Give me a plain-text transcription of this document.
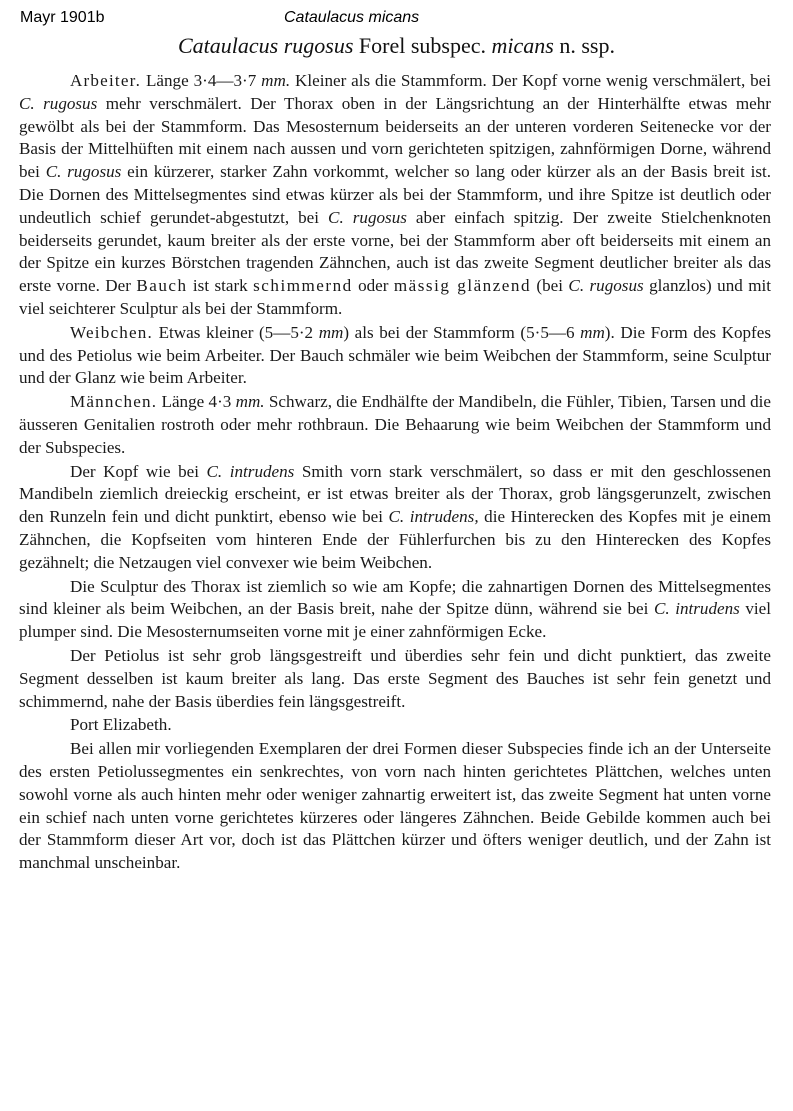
Mayr 1901b	Cataulacus micans
Cataulacus rugosus Forel subspec. micans n. ssp.

Arbeiter. Länge 3·4—3·7 mm. Kleiner als die Stammform. Der Kopf vorne wenig verschmälert, bei C. rugosus mehr verschmälert. Der Thorax oben in der Längsrichtung an der Hinterhälfte etwas mehr gewölbt als bei der Stammform. Das Mesosternum beiderseits an der unteren vorderen Seitenecke vor der Basis der Mittelhüften mit einem nach aussen und vorn gerichteten spitzigen, zahnförmigen Dorne, während bei C. rugosus ein kürzerer, starker Zahn vorkommt, welcher so lang oder kürzer als an der Basis breit ist. Die Dornen des Mittelsegmentes sind etwas kürzer als bei der Stammform, und ihre Spitze ist deutlich oder undeutlich schief gerundet-abgestutzt, bei C. rugosus aber einfach spitzig. Der zweite Stielchenknoten beiderseits gerundet, kaum breiter als der erste vorne, bei der Stammform aber oft beiderseits mit einem an der Spitze ein kurzes Börstchen tragenden Zähnchen, auch ist das zweite Segment deutlicher breiter als das erste vorne. Der Bauch ist stark schimmernd oder mässig glänzend (bei C. rugosus glanzlos) und mit viel seichterer Sculptur als bei der Stammform.

Weibchen. Etwas kleiner (5—5·2 mm) als bei der Stammform (5·5—6 mm). Die Form des Kopfes und des Petiolus wie beim Arbeiter. Der Bauch schmäler wie beim Weibchen der Stammform, seine Sculptur und der Glanz wie beim Arbeiter.

Männchen. Länge 4·3 mm. Schwarz, die Endhälfte der Mandibeln, die Fühler, Tibien, Tarsen und die äusseren Genitalien rostroth oder mehr rothbraun. Die Behaarung wie beim Weibchen der Stammform und der Subspecies.

Der Kopf wie bei C. intrudens Smith vorn stark verschmälert, so dass er mit den geschlossenen Mandibeln ziemlich dreieckig erscheint, er ist etwas breiter als der Thorax, grob längsgerunzelt, zwischen den Runzeln fein und dicht punktirt, ebenso wie bei C. intrudens, die Hinterecken des Kopfes mit je einem Zähnchen, die Kopfseiten vom hinteren Ende der Fühlerfurchen bis zu den Hinterecken des Kopfes gezähnelt; die Netzaugen viel convexer wie beim Weibchen.

Die Sculptur des Thorax ist ziemlich so wie am Kopfe; die zahnartigen Dornen des Mittelsegmentes sind kleiner als beim Weibchen, an der Basis breit, nahe der Spitze dünn, während sie bei C. intrudens viel plumper sind. Die Mesosternumseiten vorne mit je einer zahnförmigen Ecke.

Der Petiolus ist sehr grob längsgestreift und überdies sehr fein und dicht punktiert, das zweite Segment desselben ist kaum breiter als lang. Das erste Segment des Bauches ist sehr fein genetzt und schimmernd, nahe der Basis überdies fein längsgestreift.

Port Elizabeth.

Bei allen mir vorliegenden Exemplaren der drei Formen dieser Subspecies finde ich an der Unterseite des ersten Petiolussegmentes ein senkrechtes, von vorn nach hinten gerichtetes Plättchen, welches unten sowohl vorne als auch hinten mehr oder weniger zahnartig erweitert ist, das zweite Segment hat unten vorne ein schief nach unten vorne gerichtetes kürzeres oder längeres Zähnchen. Beide Gebilde kommen auch bei der Stammform dieser Art vor, doch ist das Plättchen kürzer und öfters weniger deutlich, und der Zahn ist manchmal unscheinbar.
